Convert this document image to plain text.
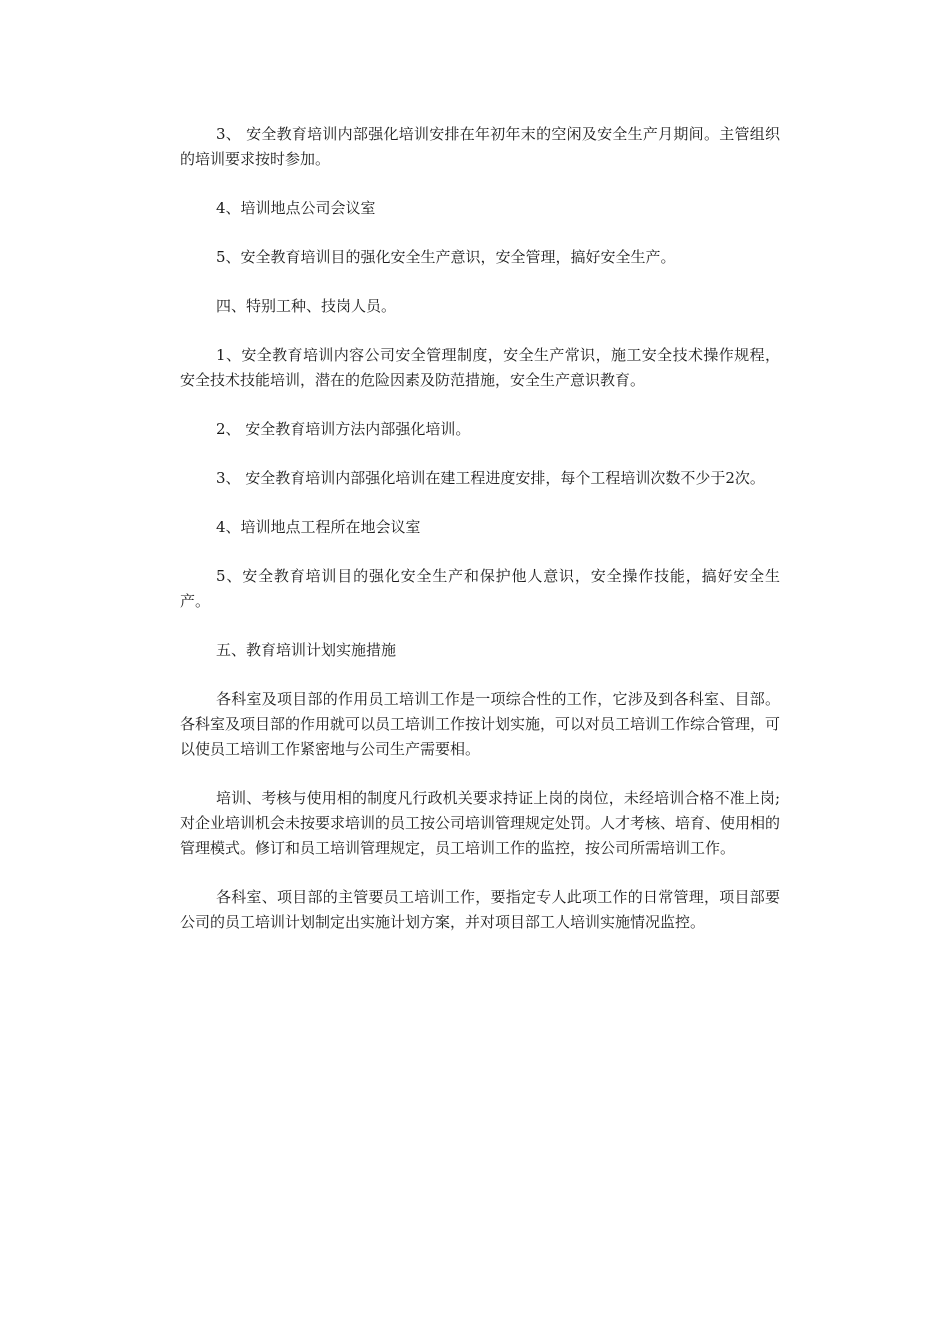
3、 安全教育培训内部强化培训安排在年初年末的空闲及安全生产月期间。主管组织的培训要求按时参加。

4、培训地点公司会议室

5、安全教育培训目的强化安全生产意识，安全管理，搞好安全生产。

四、特别工种、技岗人员。

1、安全教育培训内容公司安全管理制度，安全生产常识，施工安全技术操作规程，安全技术技能培训，潜在的危险因素及防范措施，安全生产意识教育。

2、 安全教育培训方法内部强化培训。

3、 安全教育培训内部强化培训在建工程进度安排，每个工程培训次数不少于2次。

4、培训地点工程所在地会议室

5、安全教育培训目的强化安全生产和保护他人意识，安全操作技能，搞好安全生产。

五、教育培训计划实施措施

各科室及项目部的作用员工培训工作是一项综合性的工作，它涉及到各科室、目部。各科室及项目部的作用就可以员工培训工作按计划实施，可以对员工培训工作综合管理，可以使员工培训工作紧密地与公司生产需要相。

培训、考核与使用相的制度凡行政机关要求持证上岗的岗位，未经培训合格不准上岗;对企业培训机会未按要求培训的员工按公司培训管理规定处罚。人才考核、培育、使用相的管理模式。修订和员工培训管理规定，员工培训工作的监控，按公司所需培训工作。

各科室、项目部的主管要员工培训工作，要指定专人此项工作的日常管理，项目部要公司的员工培训计划制定出实施计划方案，并对项目部工人培训实施情况监控。
